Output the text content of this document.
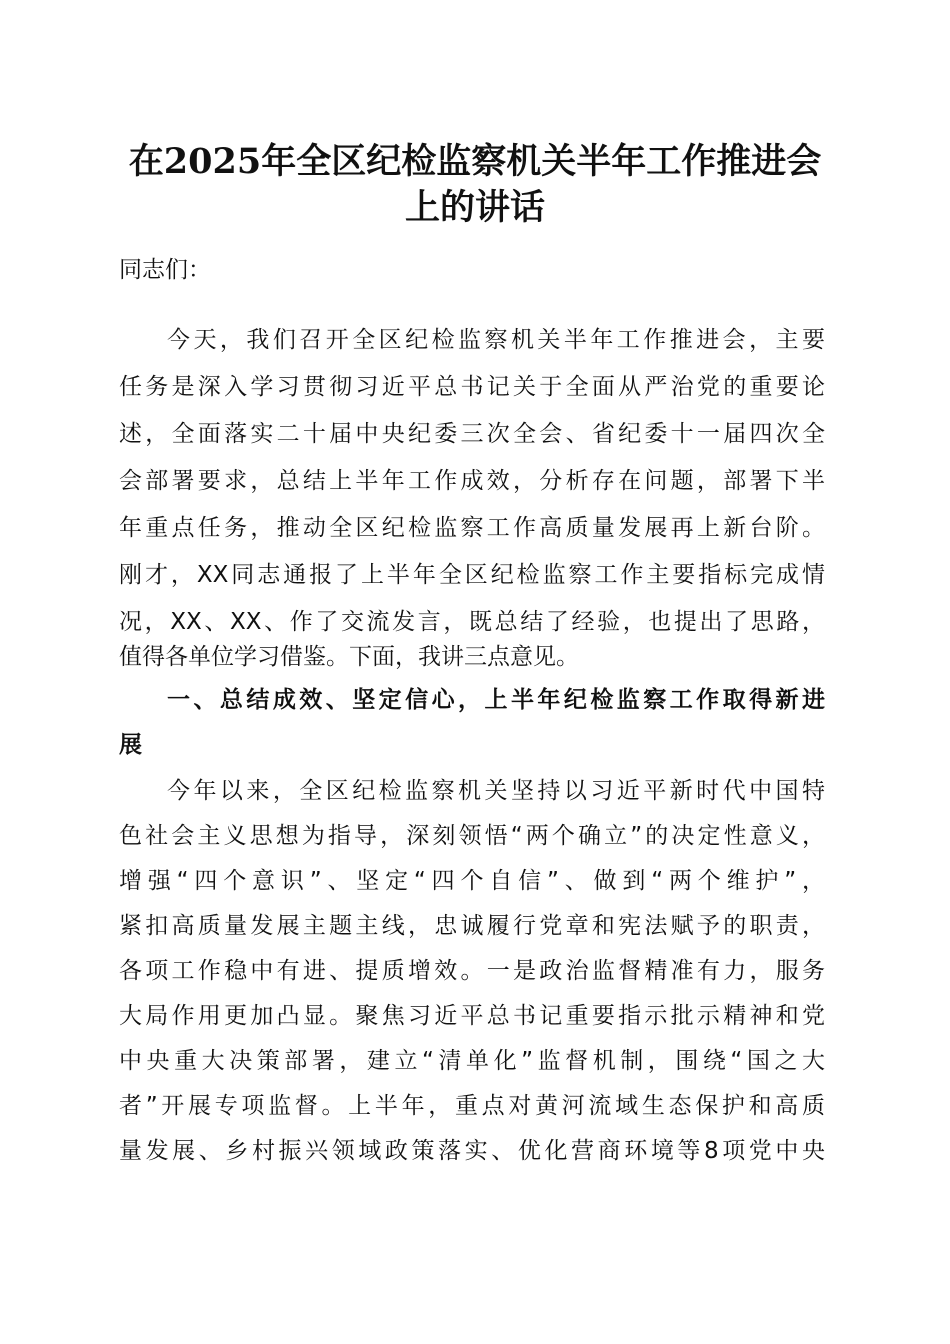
在2025年全区纪检监察机关半年工作推进会
上的讲话

同志们：

今天，我们召开全区纪检监察机关半年工作推进会，主要

任务是深入学习贯彻习近平总书记关于全面从严治党的重要论

述，全面落实二十届中央纪委三次全会、省纪委十一届四次全

会部署要求，总结上半年工作成效，分析存在问题，部署下半

年重点任务，推动全区纪检监察工作高质量发展再上新台阶。

刚才，XX同志通报了上半年全区纪检监察工作主要指标完成情

况，XX、XX、作了交流发言，既总结了经验，也提出了思路，

值得各单位学习借鉴。下面，我讲三点意见。

一、总结成效、坚定信心，上半年纪检监察工作取得新进

展

今年以来，全区纪检监察机关坚持以习近平新时代中国特

色社会主义思想为指导，深刻领悟“两个确立”的决定性意义，

增强“四个意识”、坚定“四个自信”、做到“两个维护”，

紧扣高质量发展主题主线，忠诚履行党章和宪法赋予的职责，

各项工作稳中有进、提质增效。一是政治监督精准有力，服务

大局作用更加凸显。聚焦习近平总书记重要指示批示精神和党

中央重大决策部署，建立“清单化”监督机制，围绕“国之大

者”开展专项监督。上半年，重点对黄河流域生态保护和高质

量发展、乡村振兴领域政策落实、优化营商环境等8项党中央
